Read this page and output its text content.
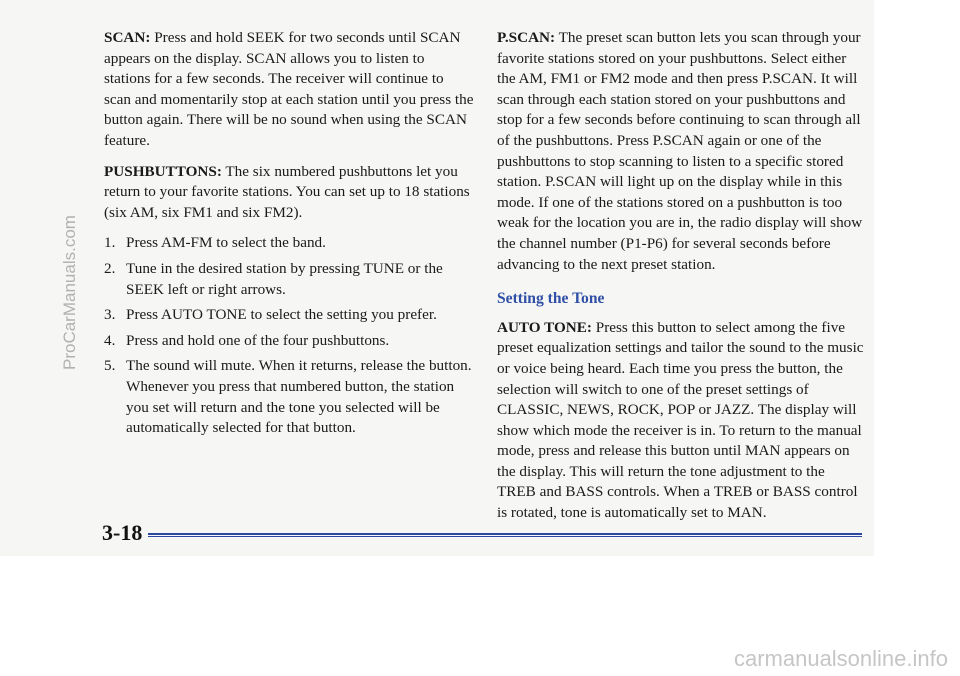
SCAN: Press and hold SEEK for two seconds until SCAN appears on the display. SCAN allows you to listen to stations for a few seconds. The receiver will continue to scan and momentarily stop at each station until you press the button again. There will be no sound when using the SCAN feature.

PUSHBUTTONS: The six numbered pushbuttons let you return to your favorite stations. You can set up to 18 stations (six AM, six FM1 and six FM2).

1. Press AM-FM to select the band.
2. Tune in the desired station by pressing TUNE or the SEEK left or right arrows.
3. Press AUTO TONE to select the setting you prefer.
4. Press and hold one of the four pushbuttons.
5. The sound will mute. When it returns, release the button. Whenever you press that numbered button, the station you set will return and the tone you selected will be automatically selected for that button.

P.SCAN: The preset scan button lets you scan through your favorite stations stored on your pushbuttons. Select either the AM, FM1 or FM2 mode and then press P.SCAN. It will scan through each station stored on your pushbuttons and stop for a few seconds before continuing to scan through all of the pushbuttons. Press P.SCAN again or one of the pushbuttons to stop scanning to listen to a specific stored station. P.SCAN will light up on the display while in this mode. If one of the stations stored on a pushbutton is too weak for the location you are in, the radio display will show the channel number (P1-P6) for several seconds before advancing to the next preset station.

Setting the Tone

AUTO TONE: Press this button to select among the five preset equalization settings and tailor the sound to the music or voice being heard. Each time you press the button, the selection will switch to one of the preset settings of CLASSIC, NEWS, ROCK, POP or JAZZ. The display will show which mode the receiver is in. To return to the manual mode, press and release this button until MAN appears on the display. This will return the tone adjustment to the TREB and BASS controls. When a TREB or BASS control is rotated, tone is automatically set to MAN.

3-18
ProCarManuals.com
carmanualsonline.info
